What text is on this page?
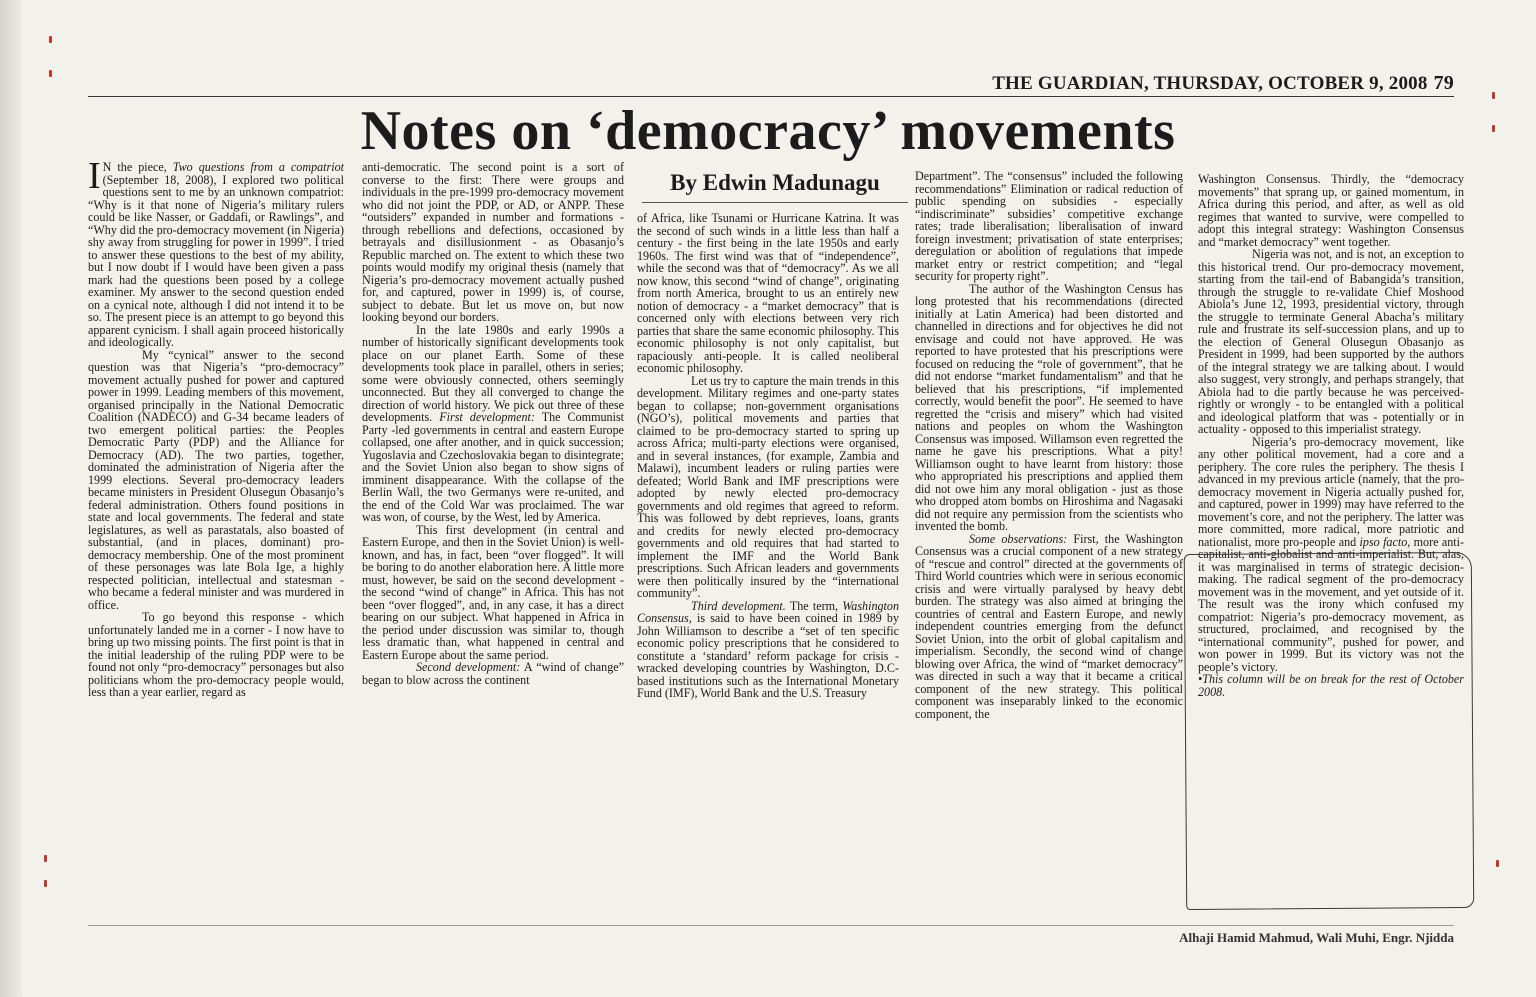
THE GUARDIAN, THURSDAY, OCTOBER 9, 2008 79
Notes on ‘democracy’ movements
By Edwin Madunagu

IN the piece, Two questions from a compatriot (September 18, 2008), I explored two political questions sent to me by an unknown compatriot: “Why is it that none of Nigeria’s military rulers could be like Nasser, or Gaddafi, or Rawlings”, and “Why did the pro-democracy movement (in Nigeria) shy away from struggling for power in 1999”. I tried to answer these questions to the best of my ability, but I now doubt if I would have been given a pass mark had the questions been posed by a college examiner. My answer to the second question ended on a cynical note, although I did not intend it to be so. The present piece is an attempt to go beyond this apparent cynicism. I shall again proceed historically and ideologically.

My “cynical” answer to the second question was that Nigeria’s “pro-democracy” movement actually pushed for power and captured power in 1999. Leading members of this movement, organised principally in the National Democratic Coalition (NADECO) and G-34 became leaders of two emergent political parties: the Peoples Democratic Party (PDP) and the Alliance for Democracy (AD). The two parties, together, dominated the administration of Nigeria after the 1999 elections. Several pro-democracy leaders became ministers in President Olusegun Obasanjo’s federal administration. Others found positions in state and local governments. The federal and state legislatures, as well as parastatals, also boasted of substantial, (and in places, dominant) pro-democracy membership. One of the most prominent of these personages was late Bola Ige, a highly respected politician, intellectual and statesman - who became a federal minister and was murdered in office.

To go beyond this response - which unfortunately landed me in a corner - I now have to bring up two missing points. The first point is that in the initial leadership of the ruling PDP were to be found not only “pro-democracy” personages but also politicians whom the pro-democracy people would, less than a year earlier, regard as

anti-democratic. The second point is a sort of converse to the first: There were groups and individuals in the pre-1999 pro-democracy movement who did not joint the PDP, or AD, or ANPP. These “outsiders” expanded in number and formations - through rebellions and defections, occasioned by betrayals and disillusionment - as Obasanjo’s Republic marched on. The extent to which these two points would modify my original thesis (namely that Nigeria’s pro-democracy movement actually pushed for, and captured, power in 1999) is, of course, subject to debate. But let us move on, but now looking beyond our borders.

In the late 1980s and early 1990s a number of historically significant developments took place on our planet Earth. Some of these developments took place in parallel, others in series; some were obviously connected, others seemingly unconnected. But they all converged to change the direction of world history. We pick out three of these developments. First development: The Communist Party -led governments in central and eastern Europe collapsed, one after another, and in quick succession; Yugoslavia and Czechoslovakia began to disintegrate; and the Soviet Union also began to show signs of imminent disappearance. With the collapse of the Berlin Wall, the two Germanys were re-united, and the end of the Cold War was proclaimed. The war was won, of course, by the West, led by America.

This first development (in central and Eastern Europe, and then in the Soviet Union) is well-known, and has, in fact, been “over flogged”. It will be boring to do another elaboration here. A little more must, however, be said on the second development - the second “wind of change” in Africa. This has not been “over flogged”, and, in any case, it has a direct bearing on our subject. What happened in Africa in the period under discussion was similar to, though less dramatic than, what happened in central and Eastern Europe about the same period.

Second development: A “wind of change” began to blow across the continent

of Africa, like Tsunami or Hurricane Katrina. It was the second of such winds in a little less than half a century - the first being in the late 1950s and early 1960s. The first wind was that of “independence”, while the second was that of “democracy”. As we all now know, this second “wind of change”, originating from north America, brought to us an entirely new notion of democracy - a “market democracy” that is concerned only with elections between very rich parties that share the same economic philosophy. This economic philosophy is not only capitalist, but rapaciously anti-people. It is called neoliberal economic philosophy.

Let us try to capture the main trends in this development. Military regimes and one-party states began to collapse; non-government organisations (NGO’s), political movements and parties that claimed to be pro-democracy started to spring up across Africa; multi-party elections were organised, and in several instances, (for example, Zambia and Malawi), incumbent leaders or ruling parties were defeated; World Bank and IMF prescriptions were adopted by newly elected pro-democracy governments and old regimes that agreed to reform. This was followed by debt reprieves, loans, grants and credits for newly elected pro-democracy governments and old requires that had started to implement the IMF and the World Bank prescriptions. Such African leaders and governments were then politically insured by the “international community”.

Third development. The term, Washington Consensus, is said to have been coined in 1989 by John Williamson to describe a “set of ten specific economic policy prescriptions that he considered to constitute a ‘standard’ reform package for crisis -wracked developing countries by Washington, D.C-based institutions such as the International Monetary Fund (IMF), World Bank and the U.S. Treasury

Department”. The “consensus” included the following recommendations” Elimination or radical reduction of public spending on subsidies - especially “indiscriminate” subsidies’ competitive exchange rates; trade liberalisation; liberalisation of inward foreign investment; privatisation of state enterprises; deregulation or abolition of regulations that impede market entry or restrict competition; and “legal security for property right”.

The author of the Washington Census has long protested that his recommendations (directed initially at Latin America) had been distorted and channelled in directions and for objectives he did not envisage and could not have approved. He was reported to have protested that his prescriptions were focused on reducing the “role of government”, that he did not endorse “market fundamentalism” and that he believed that his prescriptions, “if implemented correctly, would benefit the poor”. He seemed to have regretted the “crisis and misery” which had visited nations and peoples on whom the Washington Consensus was imposed. Willamson even regretted the name he gave his prescriptions. What a pity! Williamson ought to have learnt from history: those who appropriated his prescriptions and applied them did not owe him any moral obligation - just as those who dropped atom bombs on Hiroshima and Nagasaki did not require any permission from the scientists who invented the bomb.

Some observations: First, the Washington Consensus was a crucial component of a new strategy of “rescue and control” directed at the governments of Third World countries which were in serious economic crisis and were virtually paralysed by heavy debt burden. The strategy was also aimed at bringing the countries of central and Eastern Europe, and newly independent countries emerging from the defunct Soviet Union, into the orbit of global capitalism and imperialism. Secondly, the second wind of change blowing over Africa, the wind of “market democracy” was directed in such a way that it became a critical component of the new strategy. This political component was inseparably linked to the economic component, the

Washington Consensus. Thirdly, the “democracy movements” that sprang up, or gained momentum, in Africa during this period, and after, as well as old regimes that wanted to survive, were compelled to adopt this integral strategy: Washington Consensus and “market democracy” went together.

Nigeria was not, and is not, an exception to this historical trend. Our pro-democracy movement, starting from the tail-end of Babangida’s transition, through the struggle to re-validate Chief Moshood Abiola’s June 12, 1993, presidential victory, through the struggle to terminate General Abacha’s military rule and frustrate its self-succession plans, and up to the election of General Olusegun Obasanjo as President in 1999, had been supported by the authors of the integral strategy we are talking about. I would also suggest, very strongly, and perhaps strangely, that Abiola had to die partly because he was perceived-rightly or wrongly - to be entangled with a political and ideological platform that was - potentially or in actuality - opposed to this imperialist strategy.

Nigeria’s pro-democracy movement, like any other political movement, had a core and a periphery. The core rules the periphery. The thesis I advanced in my previous article (namely, that the pro-democracy movement in Nigeria actually pushed for, and captured, power in 1999) may have referred to the movement’s core, and not the periphery. The latter was more committed, more radical, more patriotic and nationalist, more pro-people and ipso facto, more anti-capitalist, anti-globalist and anti-imperialist. But, alas, it was marginalised in terms of strategic decision-making. The radical segment of the pro-democracy movement was in the movement, and yet outside of it. The result was the irony which confused my compatriot: Nigeria’s pro-democracy movement, as structured, proclaimed, and recognised by the “international community”, pushed for power, and won power in 1999. But its victory was not the people’s victory.

•This column will be on break for the rest of October 2008.

Alhaji Hamid Mahmud, Wali Muhi, Engr. Njidda
